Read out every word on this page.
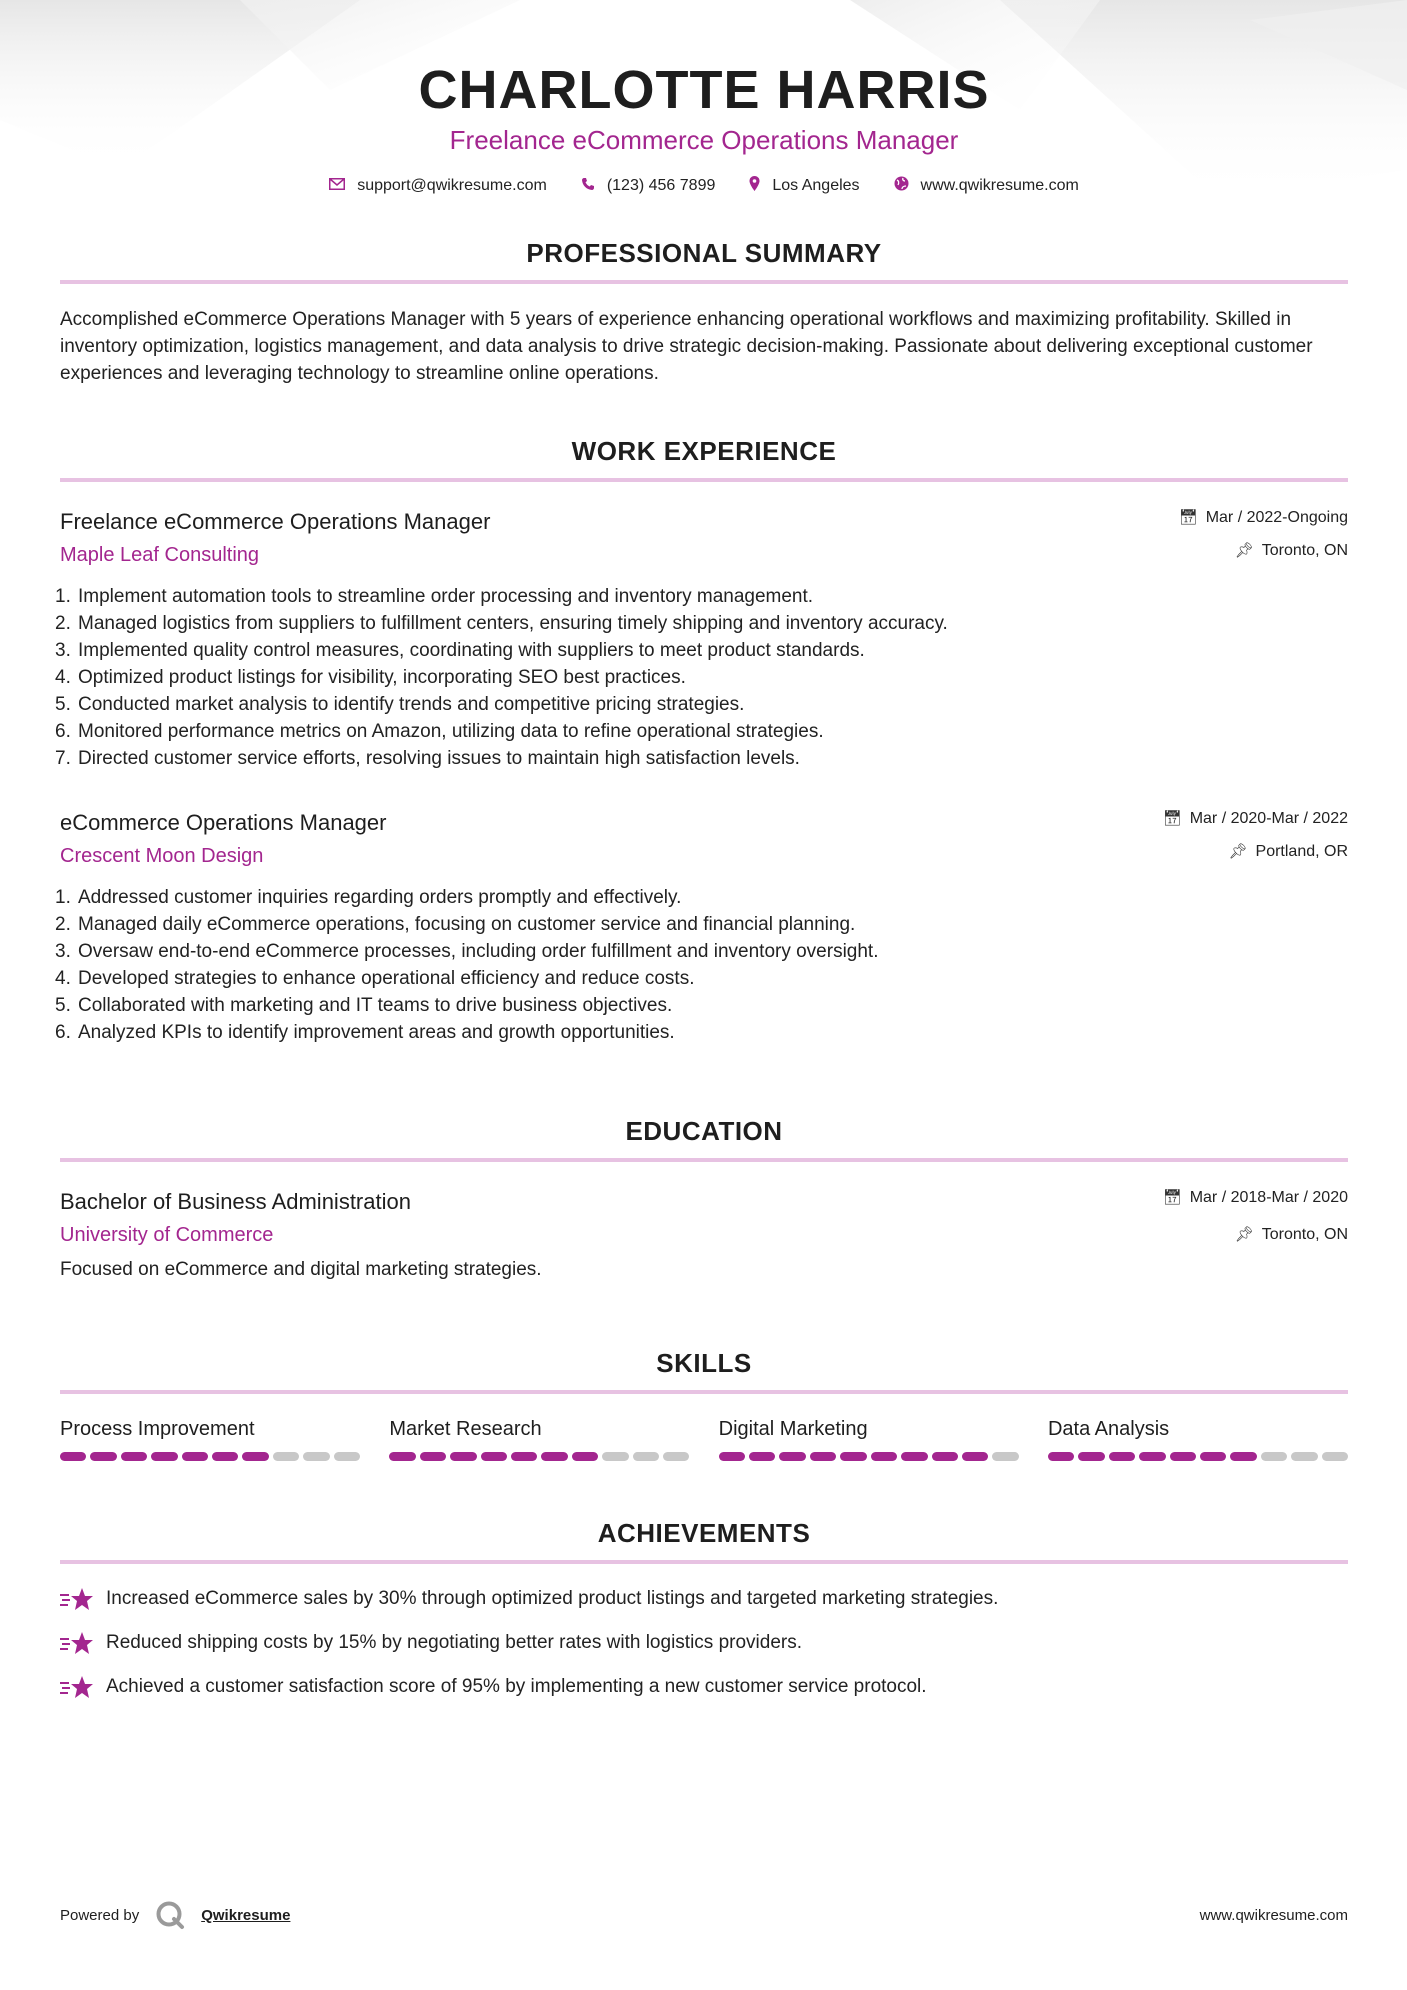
CHARLOTTE HARRIS
Freelance eCommerce Operations Manager
support@qwikresume.com	(123) 456 7899	Los Angeles	www.qwikresume.com
PROFESSIONAL SUMMARY
Accomplished eCommerce Operations Manager with 5 years of experience enhancing operational workflows and maximizing profitability. Skilled in inventory optimization, logistics management, and data analysis to drive strategic decision-making. Passionate about delivering exceptional customer experiences and leveraging technology to streamline online operations.
WORK EXPERIENCE
Freelance eCommerce Operations Manager
Maple Leaf Consulting
📅︎ Mar / 2022-Ongoing
📌︎ Toronto, ON
1. Implement automation tools to streamline order processing and inventory management.
2. Managed logistics from suppliers to fulfillment centers, ensuring timely shipping and inventory accuracy.
3. Implemented quality control measures, coordinating with suppliers to meet product standards.
4. Optimized product listings for visibility, incorporating SEO best practices.
5. Conducted market analysis to identify trends and competitive pricing strategies.
6. Monitored performance metrics on Amazon, utilizing data to refine operational strategies.
7. Directed customer service efforts, resolving issues to maintain high satisfaction levels.
eCommerce Operations Manager
Crescent Moon Design
📅︎ Mar / 2020-Mar / 2022
📌︎ Portland, OR
1. Addressed customer inquiries regarding orders promptly and effectively.
2. Managed daily eCommerce operations, focusing on customer service and financial planning.
3. Oversaw end-to-end eCommerce processes, including order fulfillment and inventory oversight.
4. Developed strategies to enhance operational efficiency and reduce costs.
5. Collaborated with marketing and IT teams to drive business objectives.
6. Analyzed KPIs to identify improvement areas and growth opportunities.
EDUCATION
Bachelor of Business Administration
University of Commerce
📅︎ Mar / 2018-Mar / 2020
📌︎ Toronto, ON
Focused on eCommerce and digital marketing strategies.
SKILLS
Process Improvement	Market Research	Digital Marketing	Data Analysis
ACHIEVEMENTS
Increased eCommerce sales by 30% through optimized product listings and targeted marketing strategies.
Reduced shipping costs by 15% by negotiating better rates with logistics providers.
Achieved a customer satisfaction score of 95% by implementing a new customer service protocol.
Powered by	Qwikresume	www.qwikresume.com
